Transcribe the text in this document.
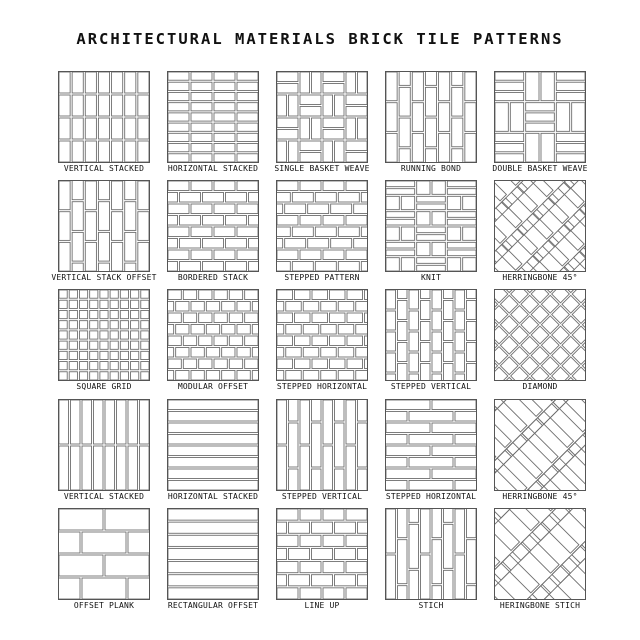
ARCHITECTURAL MATERIALS BRICK TILE PATTERNS
VERTICAL STACKED	HORIZONTAL STACKED	SINGLE BASKET WEAVE	RUNNING BOND	DOUBLE BASKET WEAVE
VERTICAL STACK OFFSET	BORDERED STACK	STEPPED PATTERN	KNIT	HERRINGBONE 45°
SQUARE GRID	MODULAR OFFSET	STEPPED HORIZONTAL	STEPPED VERTICAL	DIAMOND
VERTICAL STACKED	HORIZONTAL STACKED	STEPPED VERTICAL	STEPPED HORIZONTAL	HERRINGBONE 45°
OFFSET PLANK	RECTANGULAR OFFSET	LINE UP	STICH	HERINGBONE STICH
